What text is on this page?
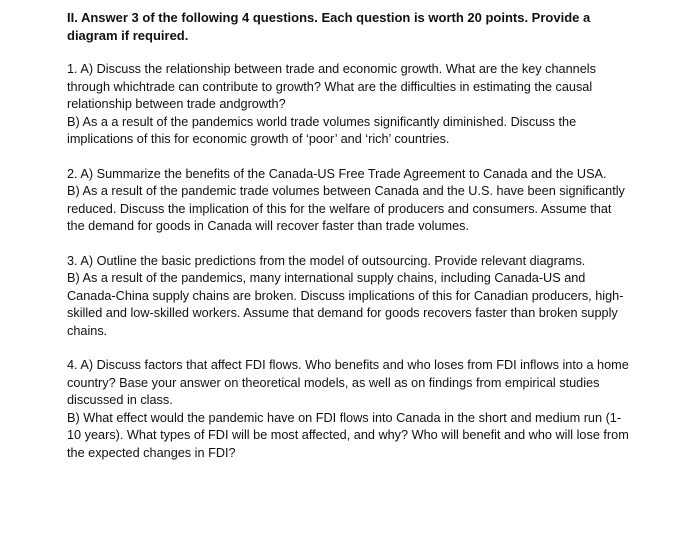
II. Answer 3 of the following 4 questions. Each question is worth 20 points. Provide a diagram if required.

1. A) Discuss the relationship between trade and economic growth. What are the key channels through whichtrade can contribute to growth? What are the difficulties in estimating the causal relationship between trade andgrowth?

B) As a a result of the pandemics world trade volumes significantly diminished. Discuss the implications of this for economic growth of ‘poor’ and ‘rich’ countries.

2. A) Summarize the benefits of the Canada-US Free Trade Agreement to Canada and the USA.

B) As a result of the pandemic trade volumes between Canada and the U.S. have been significantly reduced. Discuss the implication of this for the welfare of producers and consumers. Assume that the demand for goods in Canada will recover faster than trade volumes.

3. A) Outline the basic predictions from the model of outsourcing. Provide relevant diagrams.

B) As a result of the pandemics, many international supply chains, including Canada-US and Canada-China supply chains are broken. Discuss implications of this for Canadian producers, high-skilled and low-skilled workers. Assume that demand for goods recovers faster than broken supply chains.

4. A) Discuss factors that affect FDI flows. Who benefits and who loses from FDI inflows into a home country? Base your answer on theoretical models, as well as on findings from empirical studies discussed in class.

B) What effect would the pandemic have on FDI flows into Canada in the short and medium run (1-10 years). What types of FDI will be most affected, and why? Who will benefit and who will lose from the expected changes in FDI?
